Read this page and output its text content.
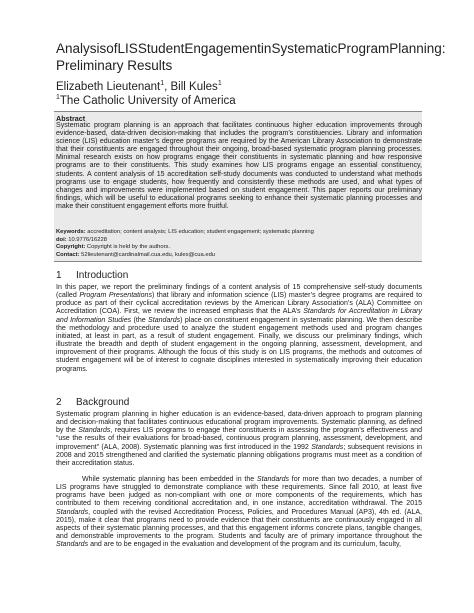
Analysis of LIS Student Engagement in Systematic Program Planning:
Preliminary Results
Elizabeth Lieutenant$^1$, Bill Kules$^1$
$^1$The Catholic University of America
Abstract
Systematic program planning is an approach that facilitates continuous higher education improvements through evidence-based, data-driven decision-making that includes the program’s constituencies. Library and information science (LIS) education master’s degree programs are required by the American Library Association to demonstrate that their constituents are engaged throughout their ongoing, broad-based systematic program planning processes. Minimal research exists on how programs engage their constituents in systematic planning and how responsive programs are to their constituents. This study examines how LIS programs engage an essential constituency, students. A content analysis of 15 accreditation self-study documents was conducted to understand what methods programs use to engage students, how frequently and consistently these methods are used, and what types of changes and improvements were implemented based on student engagement. This paper reports our preliminary findings, which will be useful to educational programs seeking to enhance their systematic planning processes and make their constituent engagement efforts more fruitful.
Keywords: accreditation; content analysis; LIS education; student engagement; systematic planning
doi: 10.9776/16228
Copyright: Copyright is held by the authors.
Contact: 52lieutenant@cardinalmail.cua.edu, kules@cua.edu
1 Introduction
In this paper, we report the preliminary findings of a content analysis of 15 comprehensive self-study documents (called Program Presentations) that library and information science (LIS) master’s degree programs are required to produce as part of their cyclical accreditation reviews by the American Library Association’s (ALA) Committee on Accreditation (COA). First, we review the increased emphasis that the ALA’s Standards for Accreditation in Library and Information Studies (the Standards) place on constituent engagement in systematic planning. We then describe the methodology and procedure used to analyze the student engagement methods used and program changes initiated, at least in part, as a result of student engagement. Finally, we discuss our preliminary findings, which illustrate the breadth and depth of student engagement in the ongoing planning, assessment, development, and improvement of their programs. Although the focus of this study is on LIS programs, the methods and outcomes of student engagement will be of interest to cognate disciplines interested in systematically improving their education programs.
2 Background
Systematic program planning in higher education is an evidence-based, data-driven approach to program planning and decision-making that facilitates continuous educational program improvements. Systematic planning, as defined by the Standards, requires LIS programs to engage their constituents in assessing the program’s effectiveness and “use the results of their evaluations for broad-based, continuous program planning, assessment, development, and improvement” (ALA, 2008). Systematic planning was first introduced in the 1992 Standards; subsequent revisions in 2008 and 2015 strengthened and clarified the systematic planning obligations programs must meet as a condition of their accreditation status.
While systematic planning has been embedded in the Standards for more than two decades, a number of LIS programs have struggled to demonstrate compliance with these requirements. Since fall 2010, at least five programs have been judged as non-compliant with one or more components of the requirements, which has contributed to them receiving conditional accreditation and, in one instance, accreditation withdrawal. The 2015 Standards, coupled with the revised Accreditation Process, Policies, and Procedures Manual (AP3), 4th ed. (ALA, 2015), make it clear that programs need to provide evidence that their constituents are continuously engaged in all aspects of their systematic planning processes, and that this engagement informs concrete plans, tangible changes, and demonstrable improvements to the program. Students and faculty are of primary importance throughout the Standards and are to be engaged in the evaluation and development of the program and its curriculum, faculty,
